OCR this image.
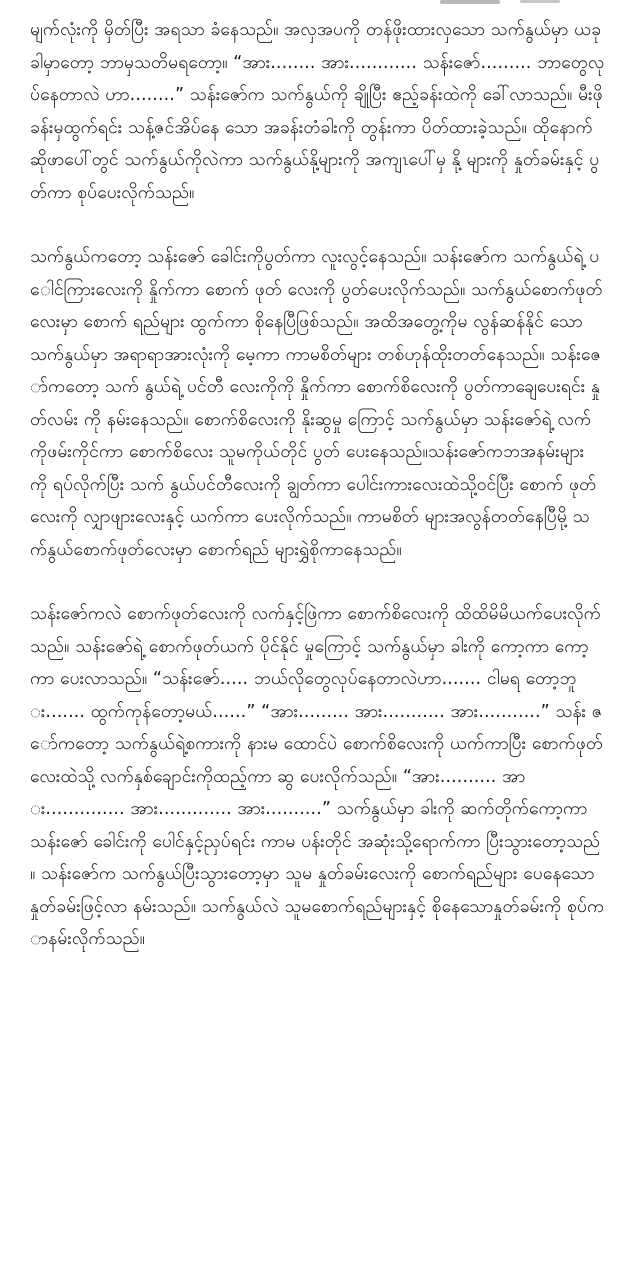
မျက်လုံးကို မှိတ်ပြီး အရသာ ခံနေသည်။ အလှအပကို တန်ဖိုးထားလှသော သက်နွယ်မှာ ယခုခါမှာတော့ ဘာမှသတိမရတော့။ “အား........ အား............ သန်းဇော်......... ဘာတွေလုပ်နေတာလဲ ဟာ........” သန်းဇော်က သက်နွယ်ကို ချိုပြီး ဧည့်ခန်းထဲကို ခေါ်လာသည်။ မီးဖိုခန်းမှထွက်ရင်း သန့်ဇင်အိပ်နေ သော အခန်းတံခါးကို တွန်းကာ ပိတ်ထားခဲ့သည်။ ထိုနောက် ဆိုဖာပေါ်တွင် သက်နွယ်ကိုလဲကာ သက်နွယ်နို့များကို အကျၤပေါ်မှ နို့ များကို နှုတ်ခမ်းနှင့် ပွတ်ကာ စုပ်ပေးလိုက်သည်။

သက်နွယ်ကတော့ သန်းဇော် ခေါင်းကိုပွတ်ကာ လူးလွင့်နေသည်။ သန်းဇော်က သက်နွယ်ရဲ့ ပေါင်ကြားလေးကို နှိုက်ကာ စောက် ဖုတ် လေးကို ပွတ်ပေးလိုက်သည်။ သက်နွယ်စောက်ဖုတ်လေးမှာ စောက် ရည်များ ထွက်ကာ စိုနေပြီဖြစ်သည်။ အထိအတွေ့ကိုမ လွန်ဆန်နိုင် သော သက်နွယ်မှာ အရာရာအားလုံးကို မေ့ကာ ကာမစိတ်များ တစ်ဟုန်ထိုးတတ်နေသည်။ သန်းဇော်ကတော့ သက် နွယ်ရဲ့ ပင်တီ လေးကိုကို နှိုက်ကာ စောက်စိလေးကို ပွတ်ကာချေပေးရင်း နှုတ်လမ်း ကို နမ်းနေသည်။ စောက်စိလေးကို နိုးဆွမှု ကြောင့် သက်နွယ်မှာ သန်းဇော်ရဲ့ လက်ကိုဖမ်းကိုင်ကာ စောက်စိလေး သူမကိုယ်တိုင် ပွတ် ပေးနေသည်။သန်းဇော်ကဘအနမ်းများ ကို ရပ်လိုက်ပြီး သက် နွယ်ပင်တီလေးကို ချွတ်ကာ ပေါင်းကားလေးထဲသို့ဝင်ပြီး စောက် ဖုတ်လေးကို လျှာဖျားလေးနှင့် ယက်ကာ ပေးလိုက်သည်။ ကာမစိတ် များအလွန်တတ်နေပြီမို့ သက်နွယ်စောက်ဖုတ်လေးမှာ စောက်ရည် များရွှဲစိုကာနေသည်။

သန်းဇော်ကလဲ စောက်ဖုတ်လေးကို လက်နှင့်ဖြဲကာ စောက်စိလေးကို ထိထိမိမိယက်ပေးလိုက်သည်။ သန်းဇော်ရဲ့ စောက်ဖုတ်ယက် ပိုင်နိုင် မှုကြောင့် သက်နွယ်မှာ ခါးကို ကော့ကာ ကော့ကာ ပေးလာသည်။ “သန်းဇော်..... ဘယ်လိုတွေလုပ်နေတာလဲဟာ....... ငါမရ တော့ဘူး....... ထွက်ကုန်တော့မယ်......” “အား......... အား........... အား...........” သန်း ဇော်ကတော့ သက်နွယ်ရဲ့စကားကို နားမ ထောင်ပဲ စောက်စိလေးကို ယက်ကာပြီး စောက်ဖုတ်လေးထဲသို့ လက်နှစ်ချောင်းကိုထည့်ကာ ဆွ ပေးလိုက်သည်။ “အား.......... အား.............. အား............. အား..........” သက်နွယ်မှာ ခါးကို ဆက်တိုက်ကော့ကာ သန်းဇော် ခေါင်းကို ပေါင်နှင့်ညှပ်ရင်း ကာမ ပန်းတိုင် အဆုံးသို့ရောက်ကာ ပြီးသွားတော့သည်။ သန်းဇော်က သက်နွယ်ပြီးသွားတော့မှာ သူမ နှုတ်ခမ်းလေးကို စောက်ရည်များ ပေနေသော နှုတ်ခမ်းဖြင့်လာ နမ်းသည်။ သက်နွယ်လဲ သူမစောက်ရည်များနှင့် စိုနေသောနှုတ်ခမ်းကို စုပ်ကာနမ်းလိုက်သည်။
